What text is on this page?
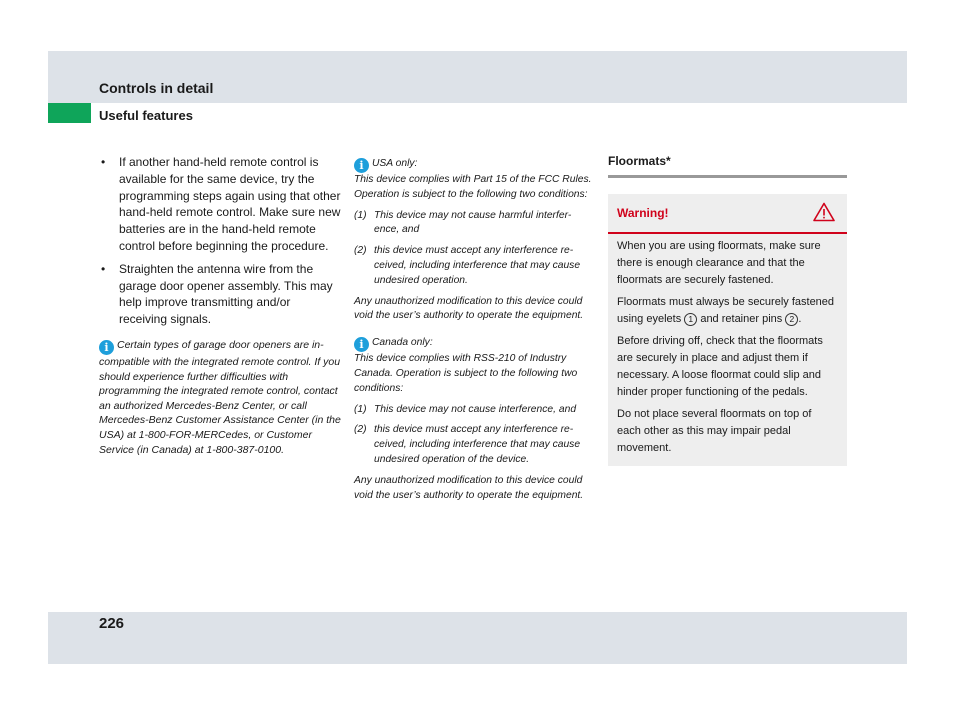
Controls in detail
Useful features
• If another hand-held remote control is available for the same device, try the programming steps again using that other hand-held remote control. Make sure new batteries are in the hand-held remote control before beginning the procedure.
• Straighten the antenna wire from the garage door opener assembly. This may help improve transmitting and/or receiving signals.
i Certain types of garage door openers are in-compatible with the integrated remote control. If you should experience further difficulties with programming the integrated remote control, contact an authorized Mercedes-Benz Center, or call Mercedes-Benz Customer Assistance Center (in the USA) at 1-800-FOR-MERCedes, or Customer Service (in Canada) at 1-800-387-0100.
i USA only:

This device complies with Part 15 of the FCC Rules. Operation is subject to the following two conditions:

(1) This device may not cause harmful interfer-ence, and
(2) this device must accept any interference re-ceived, including interference that may cause undesired operation.

Any unauthorized modification to this device could void the user’s authority to operate the equipment.

i Canada only:

This device complies with RSS-210 of Industry Canada. Operation is subject to the following two conditions:

(1) This device may not cause interference, and
(2) this device must accept any interference re-ceived, including interference that may cause undesired operation of the device.

Any unauthorized modification to this device could void the user’s authority to operate the equipment.

Floormats*
Warning!

When you are using floormats, make sure there is enough clearance and that the floormats are securely fastened.

Floormats must always be securely fastened using eyelets 1 and retainer pins 2 .

Before driving off, check that the floormats are securely in place and adjust them if necessary. A loose floormat could slip and hinder proper functioning of the pedals.

Do not place several floormats on top of each other as this may impair pedal movement.

226
